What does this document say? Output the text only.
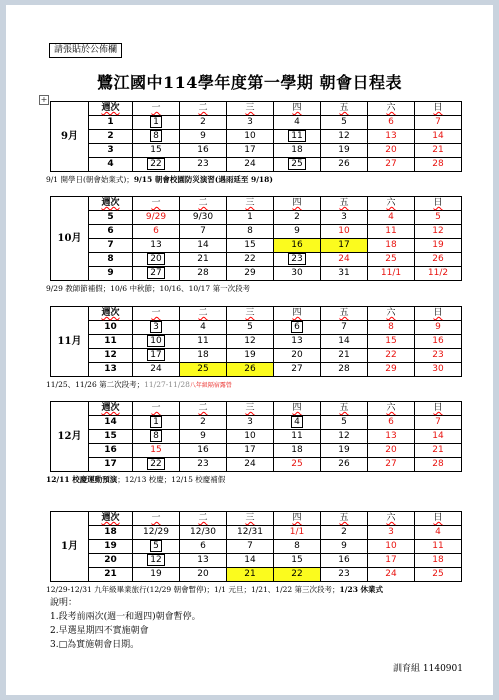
請張貼於公佈欄
鷺江國中114學年度第一學期 朝會日程表
+
9月	週次	一	二	三	四	五	六	日
	1	1	2	3	4	5	6	7
	2	8	9	10	11	12	13	14
	3	15	16	17	18	19	20	21
	4	22	23	24	25	26	27	28
9/1 開學日(朝會始業式)；9/15 朝會校園防災演習(遇雨延至 9/18)
10月	週次	一	二	三	四	五	六	日
	5	9/29	9/30	1	2	3	4	5
	6	6	7	8	9	10	11	12
	7	13	14	15	16	17	18	19
	8	20	21	22	23	24	25	26
	9	27	28	29	30	31	11/1	11/2
9/29 教師節補假；10/6 中秋節；10/16、10/17 第一次段考
11月	週次	一	二	三	四	五	六	日
	10	3	4	5	6	7	8	9
	11	10	11	12	13	14	15	16
	12	17	18	19	20	21	22	23
	13	24	25	26	27	28	29	30
11/25、11/26 第二次段考；11/27-11/28八年級隔宿露營
12月	週次	一	二	三	四	五	六	日
	14	1	2	3	4	5	6	7
	15	8	9	10	11	12	13	14
	16	15	16	17	18	19	20	21
	17	22	23	24	25	26	27	28
12/11 校慶運動預演；12/13 校慶；12/15 校慶補假
1月	週次	一	二	三	四	五	六	日
	18	12/29	12/30	12/31	1/1	2	3	4
	19	5	6	7	8	9	10	11
	20	12	13	14	15	16	17	18
	21	19	20	21	22	23	24	25
12/29-12/31 九年級畢業旅行(12/29 朝會暫停)；1/1 元旦；1/21、1/22 第三次段考；1/23 休業式
說明：
1.段考前兩次(週一和週四)朝會暫停。
2.早選星期四不實施朝會
3.□為實施朝會日期。
訓育組 1140901
